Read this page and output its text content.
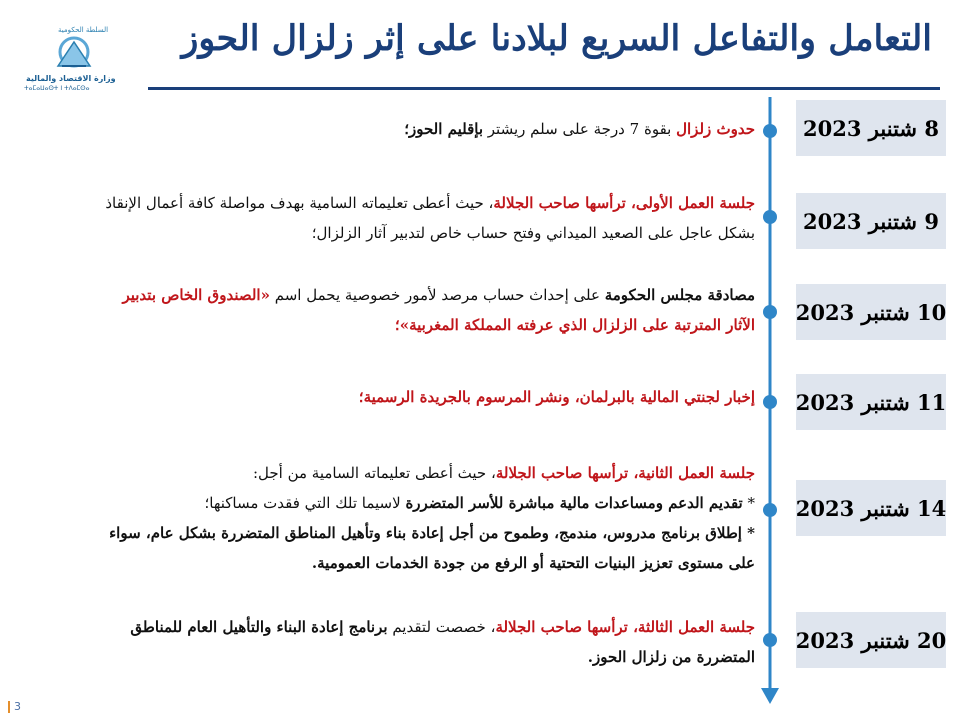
السلطة الحكومية
وزارة الاقتصاد والمالية
ⵜⴰⵎⴰⵡⴰⵙⵜ ⵏ ⵜⴷⴰⵎⵙⴰ
التعامل والتفاعل السريع لبلادنا على إثر زلزال الحوز
8 شتنبر 2023
حدوث زلزال بقوة 7 درجة على سلم ريشتر بإقليم الحوز؛
9 شتنبر 2023
جلسة العمل الأولى، ترأسها صاحب الجلالة، حيث أعطى تعليماته السامية بهدف مواصلة كافة أعمال الإنقاذ
بشكل عاجل على الصعيد الميداني وفتح حساب خاص لتدبير آثار الزلزال؛
10 شتنبر 2023
مصادقة مجلس الحكومة على إحداث حساب مرصد لأمور خصوصية يحمل اسم «الصندوق الخاص بتدبير
الآثار المترتبة على الزلزال الذي عرفته المملكة المغربية»؛
11 شتنبر 2023
إخبار لجنتي المالية بالبرلمان، ونشر المرسوم بالجريدة الرسمية؛
14 شتنبر 2023
جلسة العمل الثانية، ترأسها صاحب الجلالة، حيث أعطى تعليماته السامية من أجل:
* تقديم الدعم ومساعدات مالية مباشرة للأسر المتضررة لاسيما تلك التي فقدت مساكنها؛
* إطلاق برنامج مدروس، مندمج، وطموح من أجل إعادة بناء وتأهيل المناطق المتضررة بشكل عام، سواء
على مستوى تعزيز البنيات التحتية أو الرفع من جودة الخدمات العمومية.
20 شتنبر 2023
جلسة العمل الثالثة، ترأسها صاحب الجلالة، خصصت لتقديم برنامج إعادة البناء والتأهيل العام للمناطق
المتضررة من زلزال الحوز.
3
